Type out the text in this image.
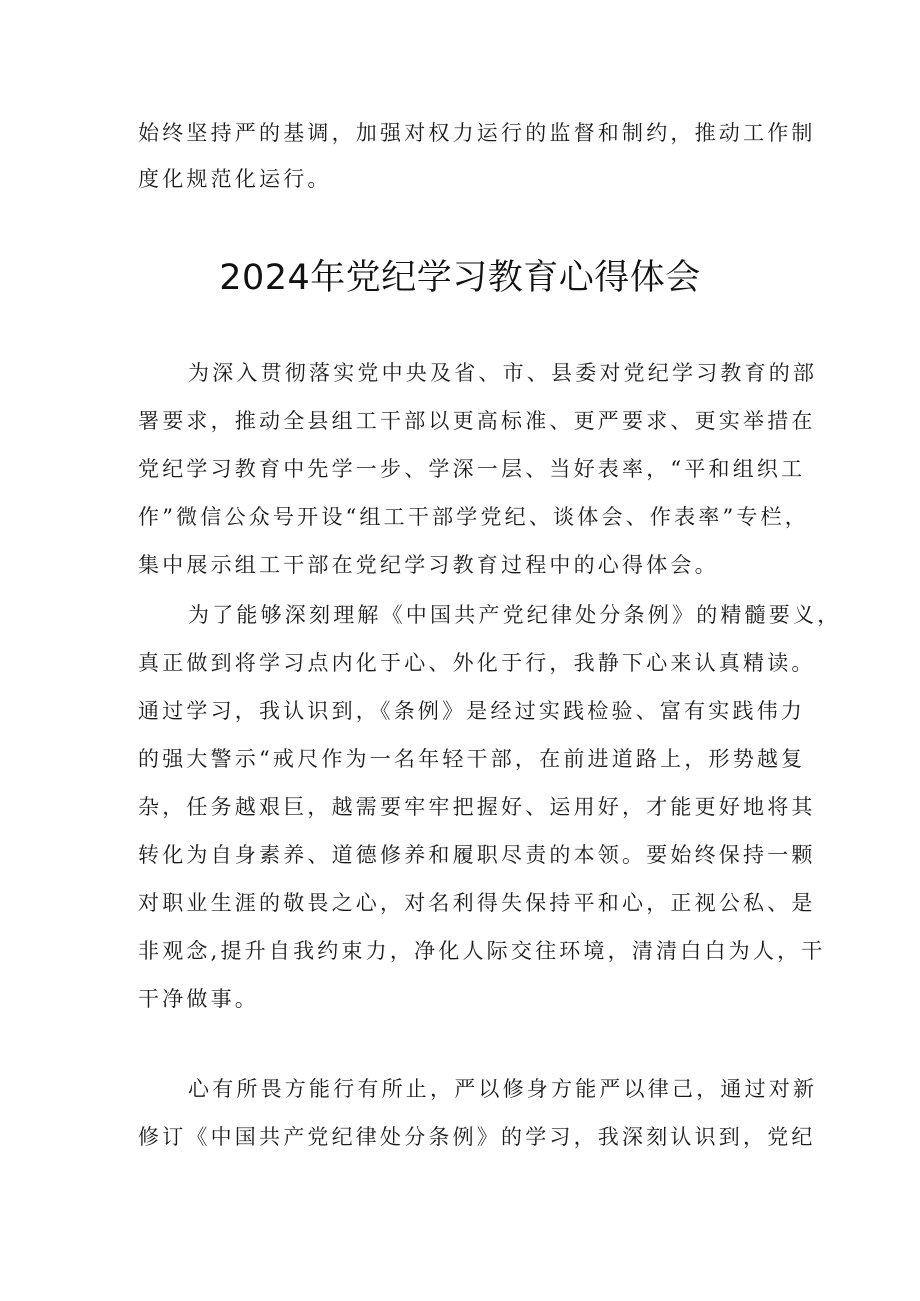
始终坚持严的基调，加强对权力运行的监督和制约，推动工作制
度化规范化运行。
2024年党纪学习教育心得体会
为深入贯彻落实党中央及省、市、县委对党纪学习教育的部
署要求，推动全县组工干部以更高标准、更严要求、更实举措在
党纪学习教育中先学一步、学深一层、当好表率，“平和组织工
作”微信公众号开设“组工干部学党纪、谈体会、作表率”专栏，
集中展示组工干部在党纪学习教育过程中的心得体会。
为了能够深刻理解《中国共产党纪律处分条例》的精髓要义，
真正做到将学习点内化于心、外化于行，我静下心来认真精读。
通过学习，我认识到，《条例》是经过实践检验、富有实践伟力
的强大警示“戒尺作为一名年轻干部，在前进道路上，形势越复
杂，任务越艰巨，越需要牢牢把握好、运用好，才能更好地将其
转化为自身素养、道德修养和履职尽责的本领。要始终保持一颗
对职业生涯的敬畏之心，对名利得失保持平和心，正视公私、是
非观念,提升自我约束力，净化人际交往环境，清清白白为人，干
干净做事。
心有所畏方能行有所止，严以修身方能严以律己，通过对新
修订《中国共产党纪律处分条例》的学习，我深刻认识到，党纪
